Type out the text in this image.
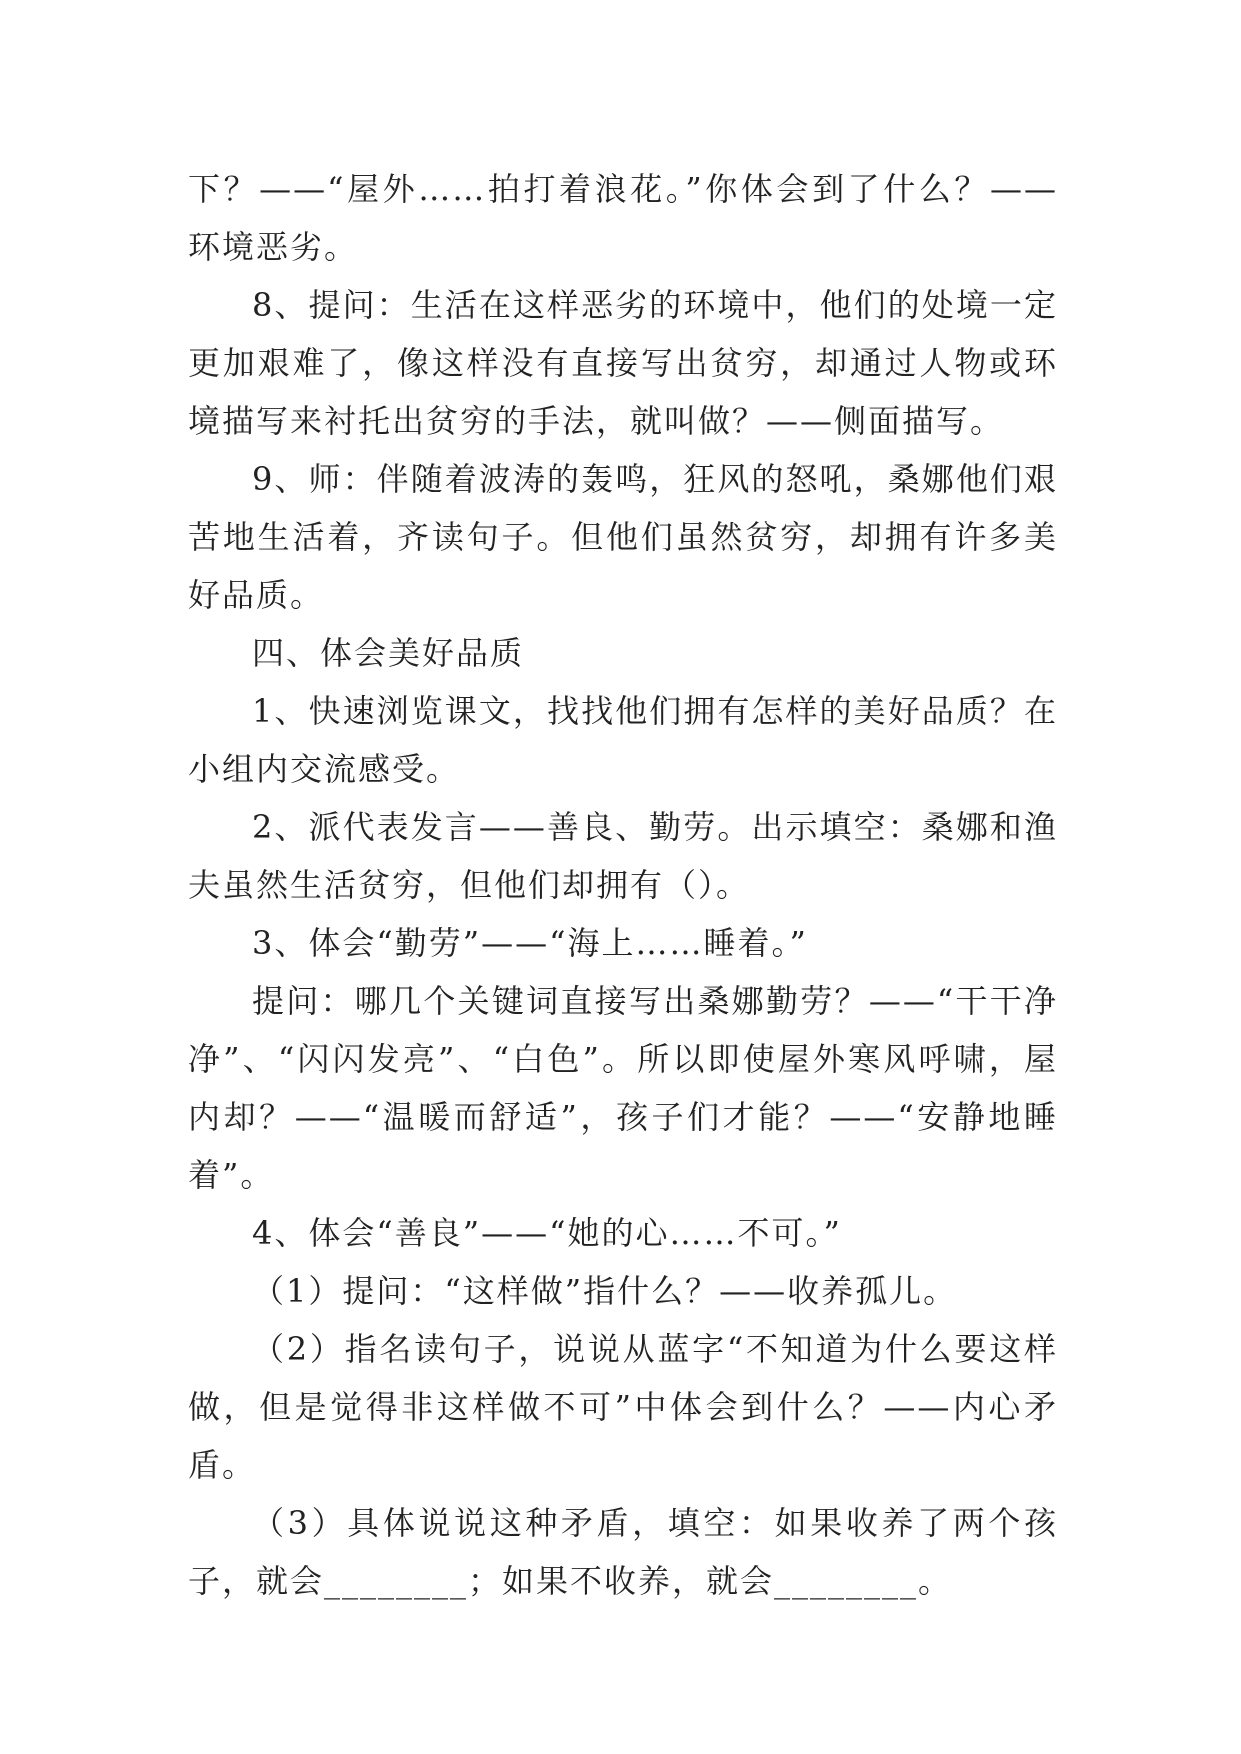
下？——“屋外……拍打着浪花。”你体会到了什么？——环境恶劣。

8、提问：生活在这样恶劣的环境中，他们的处境一定更加艰难了，像这样没有直接写出贫穷，却通过人物或环境描写来衬托出贫穷的手法，就叫做？——侧面描写。

9、师：伴随着波涛的轰鸣，狂风的怒吼，桑娜他们艰苦地生活着，齐读句子。但他们虽然贫穷，却拥有许多美好品质。

四、体会美好品质

1、快速浏览课文，找找他们拥有怎样的美好品质？在小组内交流感受。

2、派代表发言——善良、勤劳。出示填空：桑娜和渔夫虽然生活贫穷，但他们却拥有（）。

3、体会“勤劳”——“海上……睡着。”

提问：哪几个关键词直接写出桑娜勤劳？——“干干净净”、“闪闪发亮”、“白色”。所以即使屋外寒风呼啸，屋内却？——“温暖而舒适”，孩子们才能？——“安静地睡着”。

4、体会“善良”——“她的心……不可。”

（1）提问：“这样做”指什么？——收养孤儿。

（2）指名读句子，说说从蓝字“不知道为什么要这样做，但是觉得非这样做不可”中体会到什么？——内心矛盾。

（3）具体说说这种矛盾，填空：如果收养了两个孩子，就会________；如果不收养，就会________。
